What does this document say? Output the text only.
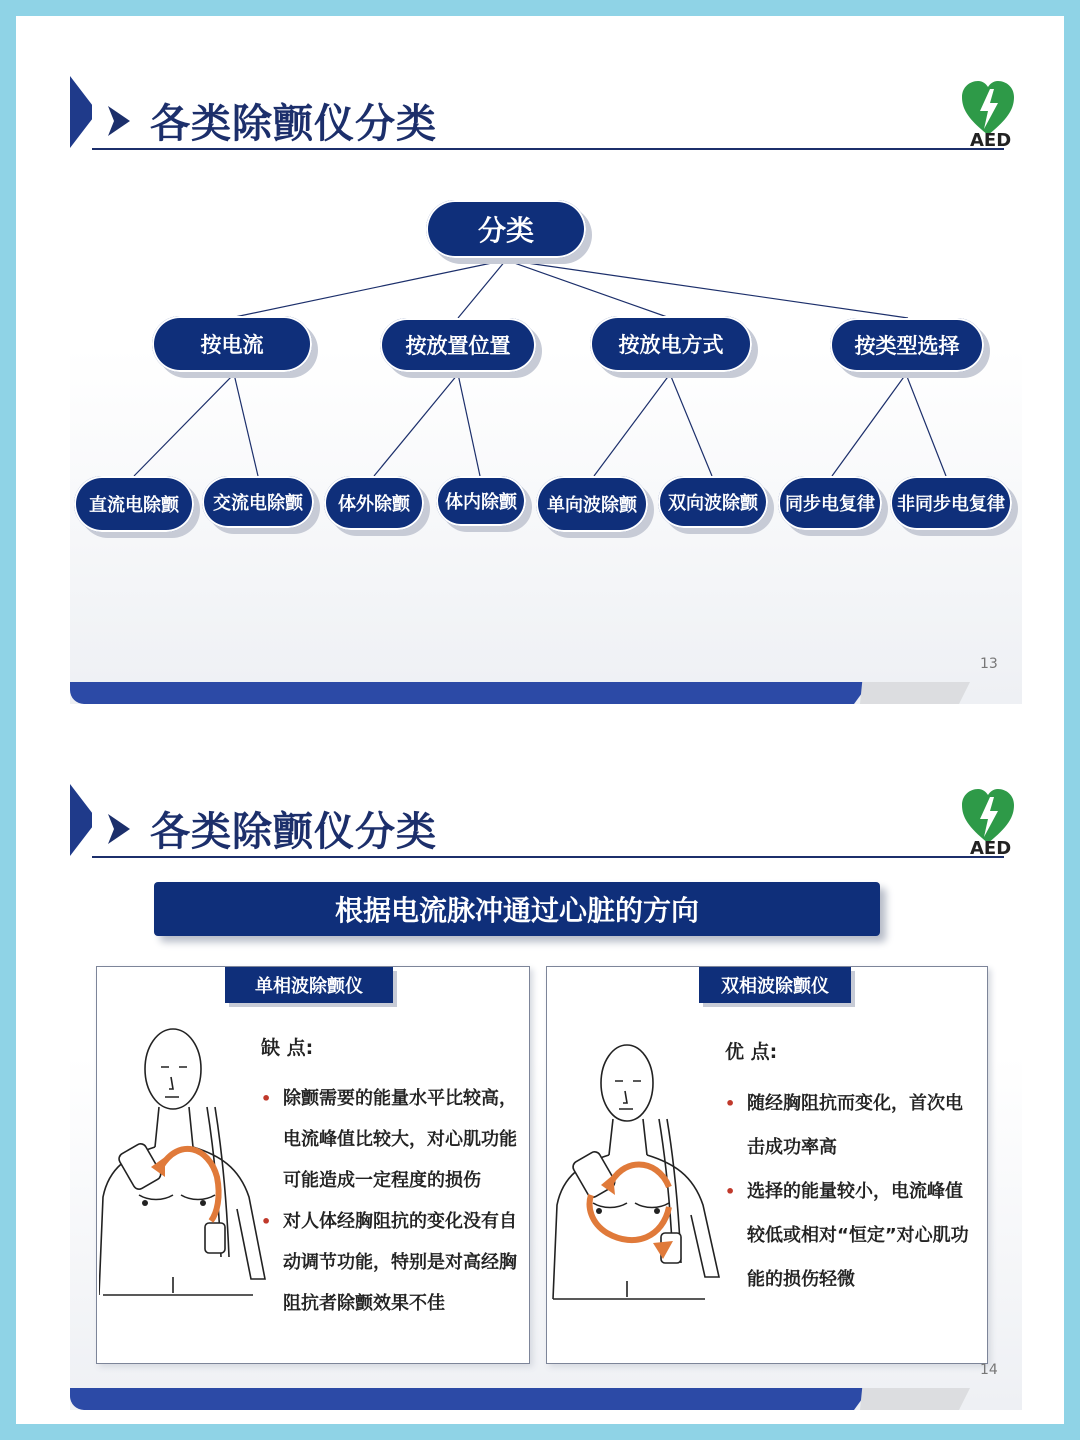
各类除颤仪分类	AED
分类
按电流	按放置位置	按放电方式	按类型选择
直流电除颤	交流电除颤	体外除颤	体内除颤	单向波除颤	双向波除颤	同步电复律	非同步电复律
13
各类除颤仪分类	AED
根据电流脉冲通过心脏的方向
单相波除颤仪
缺 点:
• 除颤需要的能量水平比较高，电流峰值比较大，对心肌功能可能造成一定程度的损伤
• 对人体经胸阻抗的变化没有自动调节功能，特别是对高经胸阻抗者除颤效果不佳
双相波除颤仪
优 点:
• 随经胸阻抗而变化，首次电击成功率高
• 选择的能量较小，电流峰值较低或相对“恒定”对心肌功能的损伤轻微
14
